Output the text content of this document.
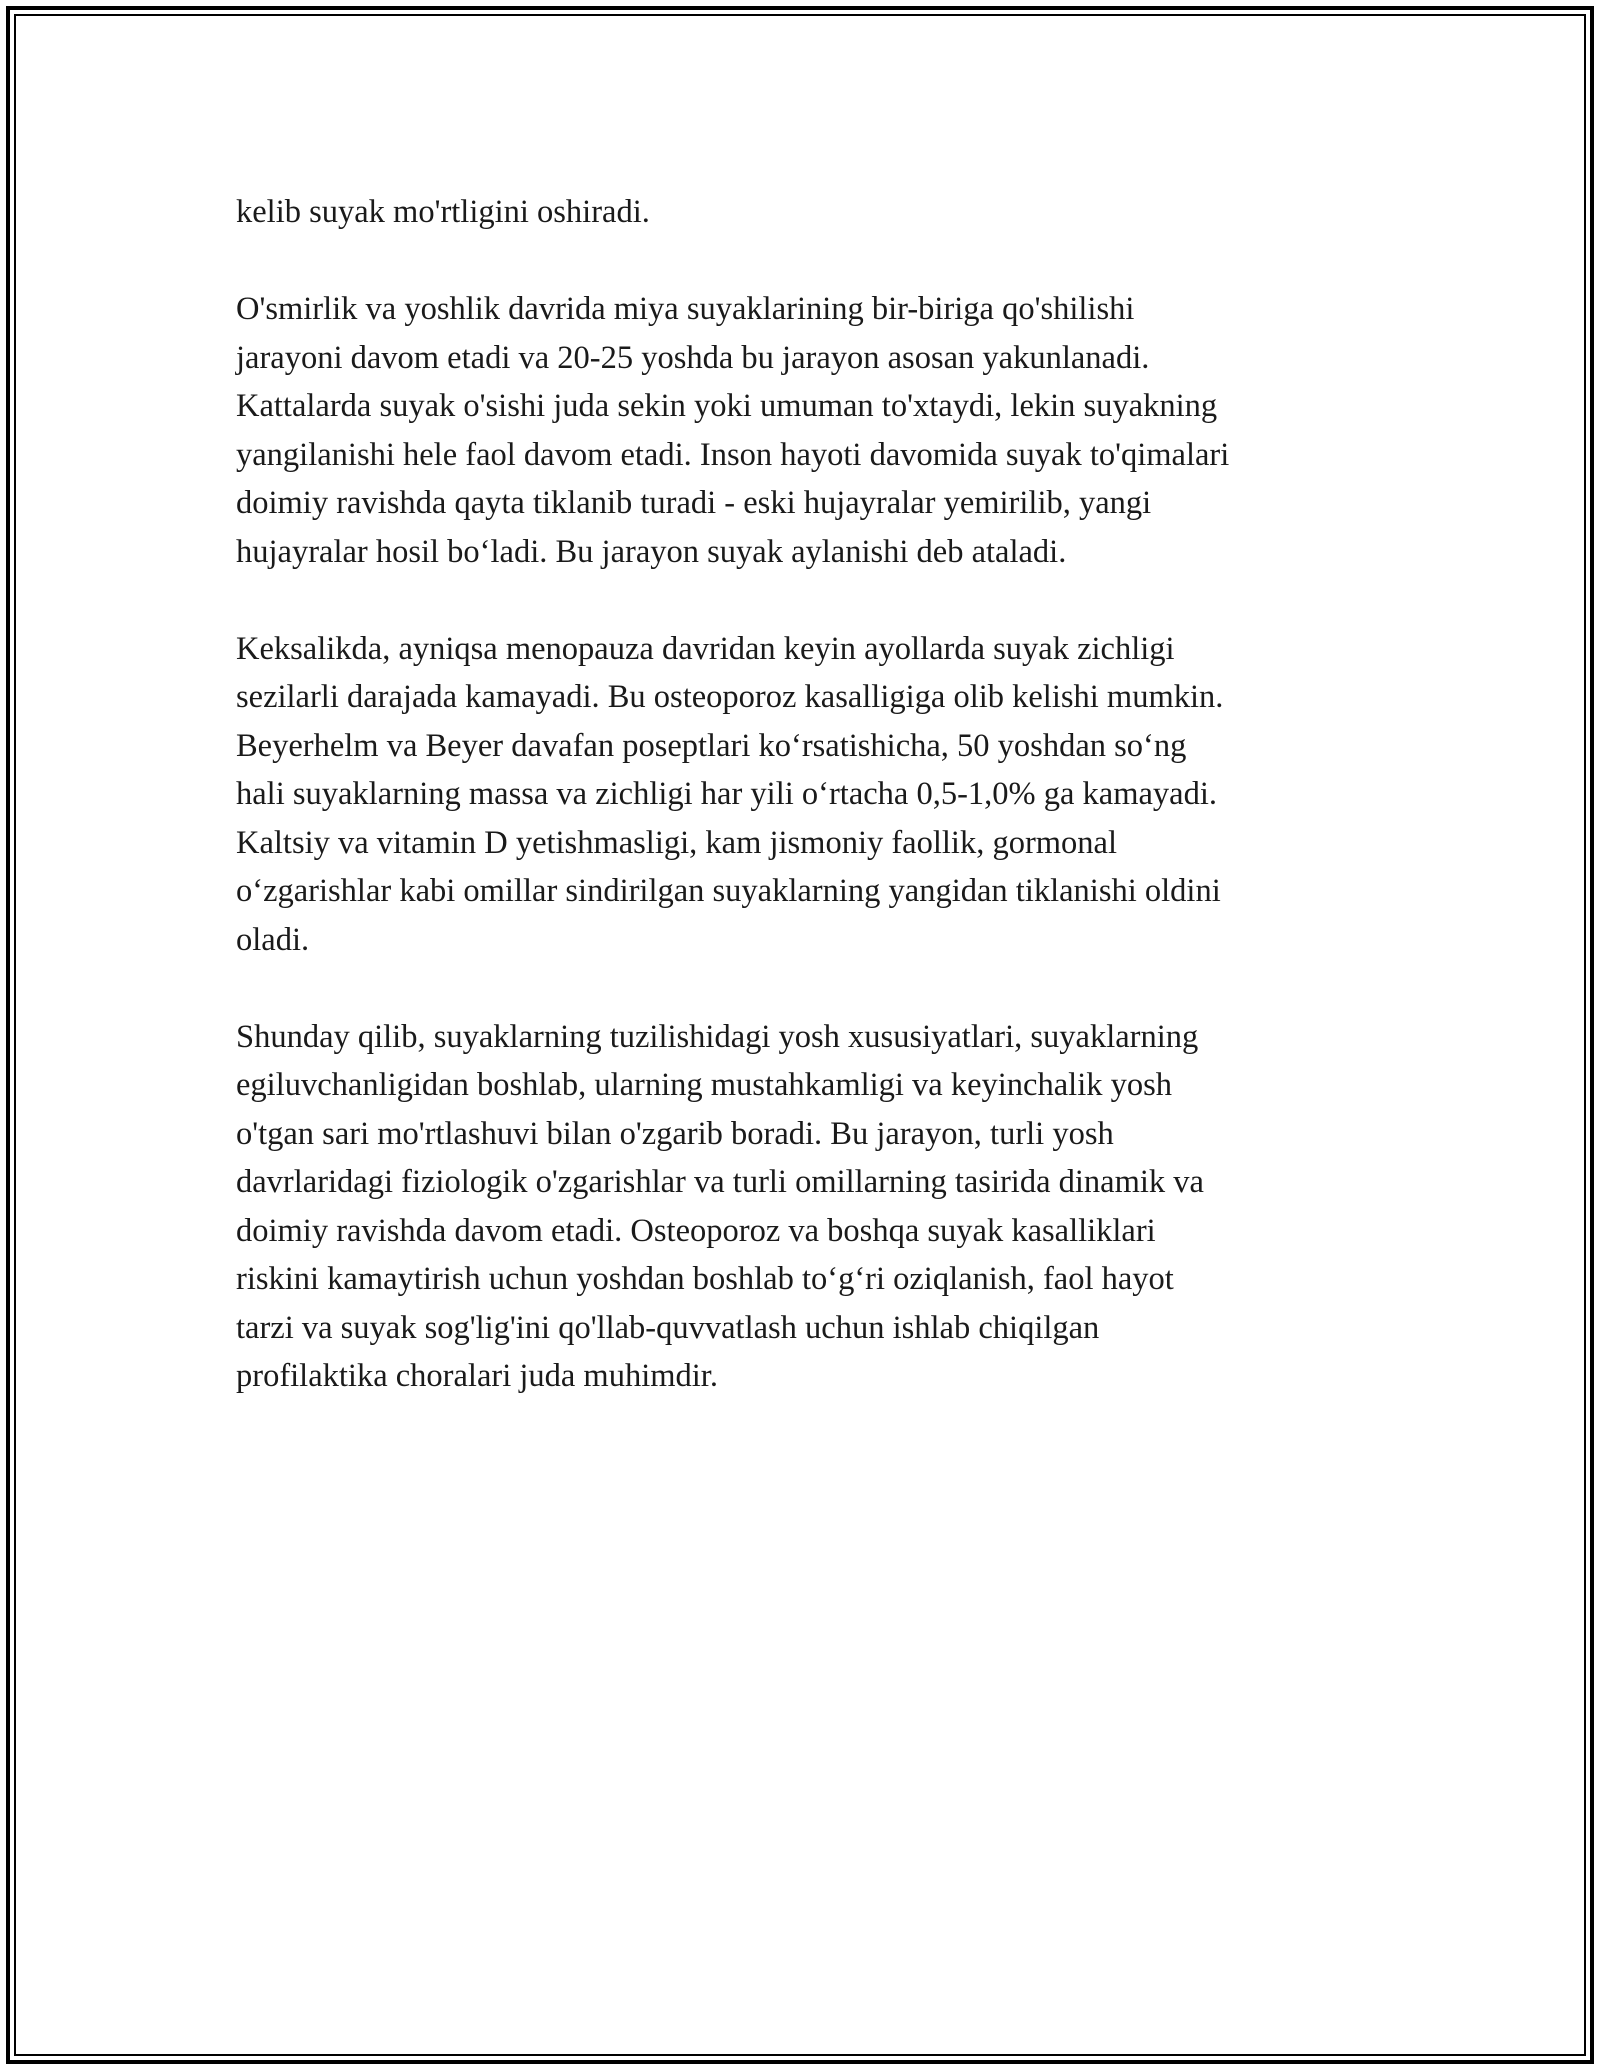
kelib suyak mo'rtligini oshiradi.

O'smirlik va yoshlik davrida miya suyaklarining bir-biriga qo'shilishi
jarayoni davom etadi va 20-25 yoshda bu jarayon asosan yakunlanadi.
Kattalarda suyak o'sishi juda sekin yoki umuman to'xtaydi, lekin suyakning
yangilanishi hele faol davom etadi. Inson hayoti davomida suyak to'qimalari
doimiy ravishda qayta tiklanib turadi - eski hujayralar yemirilib, yangi
hujayralar hosil bo‘ladi. Bu jarayon suyak aylanishi deb ataladi.

Keksalikda, ayniqsa menopauza davridan keyin ayollarda suyak zichligi
sezilarli darajada kamayadi. Bu osteoporoz kasalligiga olib kelishi mumkin.
Beyerhelm va Beyer davafan poseptlari ko‘rsatishicha, 50 yoshdan so‘ng
hali suyaklarning massa va zichligi har yili o‘rtacha 0,5-1,0% ga kamayadi.
Kaltsiy va vitamin D yetishmasligi, kam jismoniy faollik, gormonal
o‘zgarishlar kabi omillar sindirilgan suyaklarning yangidan tiklanishi oldini
oladi.

Shunday qilib, suyaklarning tuzilishidagi yosh xususiyatlari, suyaklarning
egiluvchanligidan boshlab, ularning mustahkamligi va keyinchalik yosh
o'tgan sari mo'rtlashuvi bilan o'zgarib boradi. Bu jarayon, turli yosh
davrlaridagi fiziologik o'zgarishlar va turli omillarning tasirida dinamik va
doimiy ravishda davom etadi. Osteoporoz va boshqa suyak kasalliklari
riskini kamaytirish uchun yoshdan boshlab to‘g‘ri oziqlanish, faol hayot
tarzi va suyak sog'lig'ini qo'llab-quvvatlash uchun ishlab chiqilgan
profilaktika choralari juda muhimdir.
